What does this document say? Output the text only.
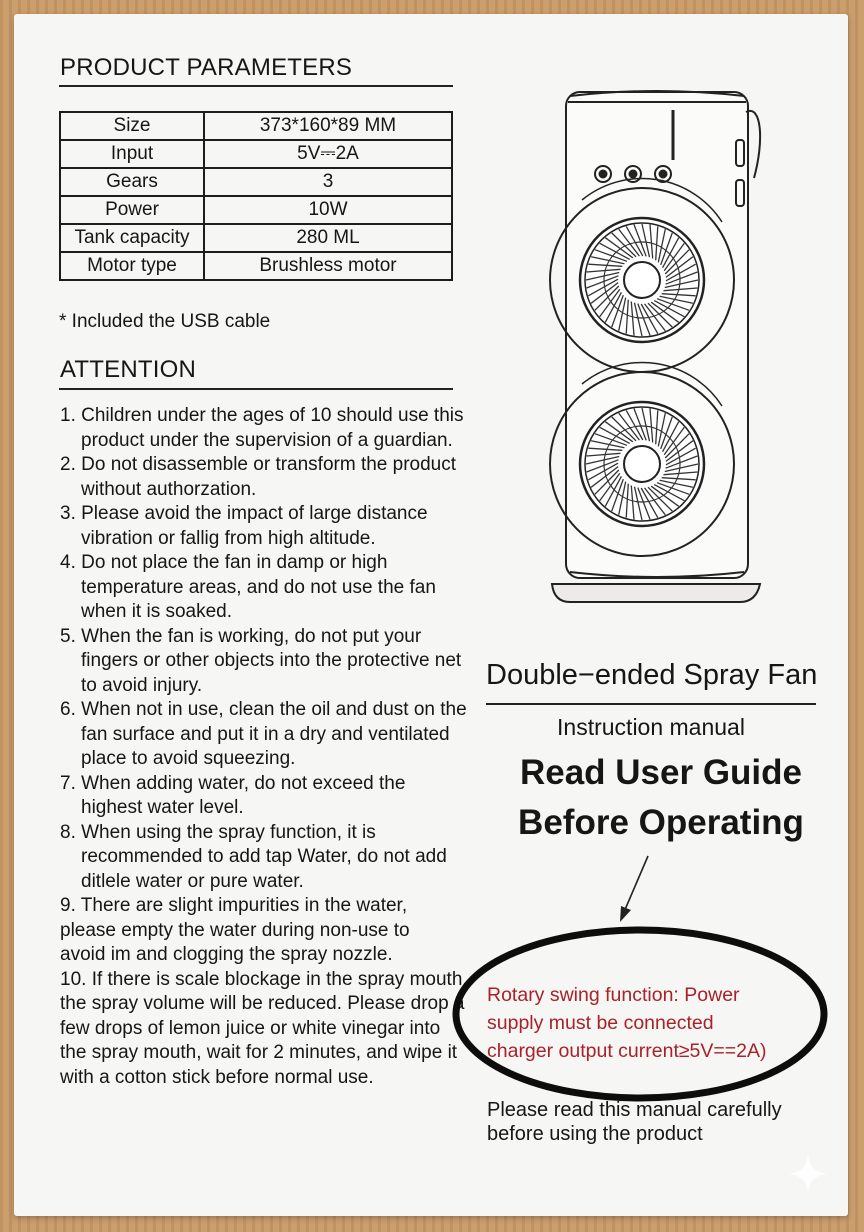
PRODUCT PARAMETERS
Size	373*160*89 MM
Input	5V⎓2A
Gears	3
Power	10W
Tank capacity	280 ML
Motor type	Brushless motor
* Included the USB cable
ATTENTION
1. Children under the ages of 10 should use this product under the supervision of a guardian.
2. Do not disassemble or transform the product without authorzation.
3. Please avoid the impact of large distance vibration or fallig from high altitude.
4. Do not place the fan in damp or high temperature areas, and do not use the fan when it is soaked.
5. When the fan is working, do not put your fingers or other objects into the protective net to avoid injury.
6. When not in use, clean the oil and dust on the fan surface and put it in a dry and ventilated place to avoid squeezing.
7. When adding water, do not exceed the highest water level.
8. When using the spray function, it is recommended to add tap Water, do not add ditlele water or pure water.
9. There are slight impurities in the water, please empty the water during non-use to avoid im and clogging the spray nozzle.
10. If there is scale blockage in the spray mouth, the spray volume will be reduced. Please drop a few drops of lemon juice or white vinegar into the spray mouth, wait for 2 minutes, and wipe it with a cotton stick before normal use.
Double−ended Spray Fan
Instruction manual
Read User Guide
Before Operating
Rotary swing function: Power
supply must be connected
charger output current≥5V==2A)
Please read this manual carefully
before using the product
